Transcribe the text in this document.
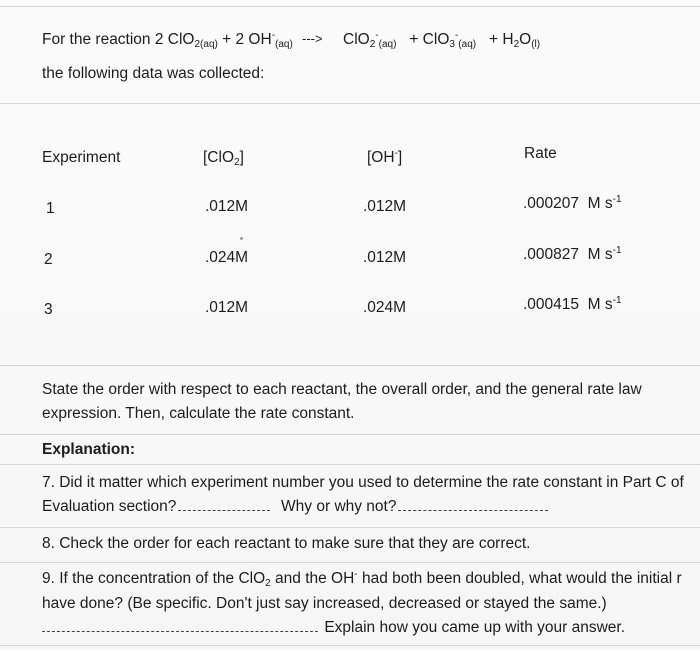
For the reaction 2 ClO$_{2(aq)}$ + 2 $OH^-_{(aq)}$ ---> $ClO_2^-_{(aq)} + ClO_3^-_{(aq)} + H_2O_{(l)}$
the following data was collected:
Experiment	[ClO$_2$]	[OH-]	Rate
1	.012M	.012M	.000207 M $s^{-1}$
2	.024M	.012M	.000827 M $s^{-1}$
3	.012M	.024M	.000415 M $s^{-1}$
State the order with respect to each reactant, the overall order, and the general rate law
expression. Then, calculate the rate constant.
Explanation:
7. Did it matter which experiment number you used to determine the rate constant in Part C of
Evaluation section?	Why or why not?
8. Check the order for each reactant to make sure that they are correct.
9. If the concentration of the ClO$_2$ and the OH- had both been doubled, what would the initial r
have done? (Be specific. Don't just say increased, decreased or stayed the same.)
Explain how you came up with your answer.
